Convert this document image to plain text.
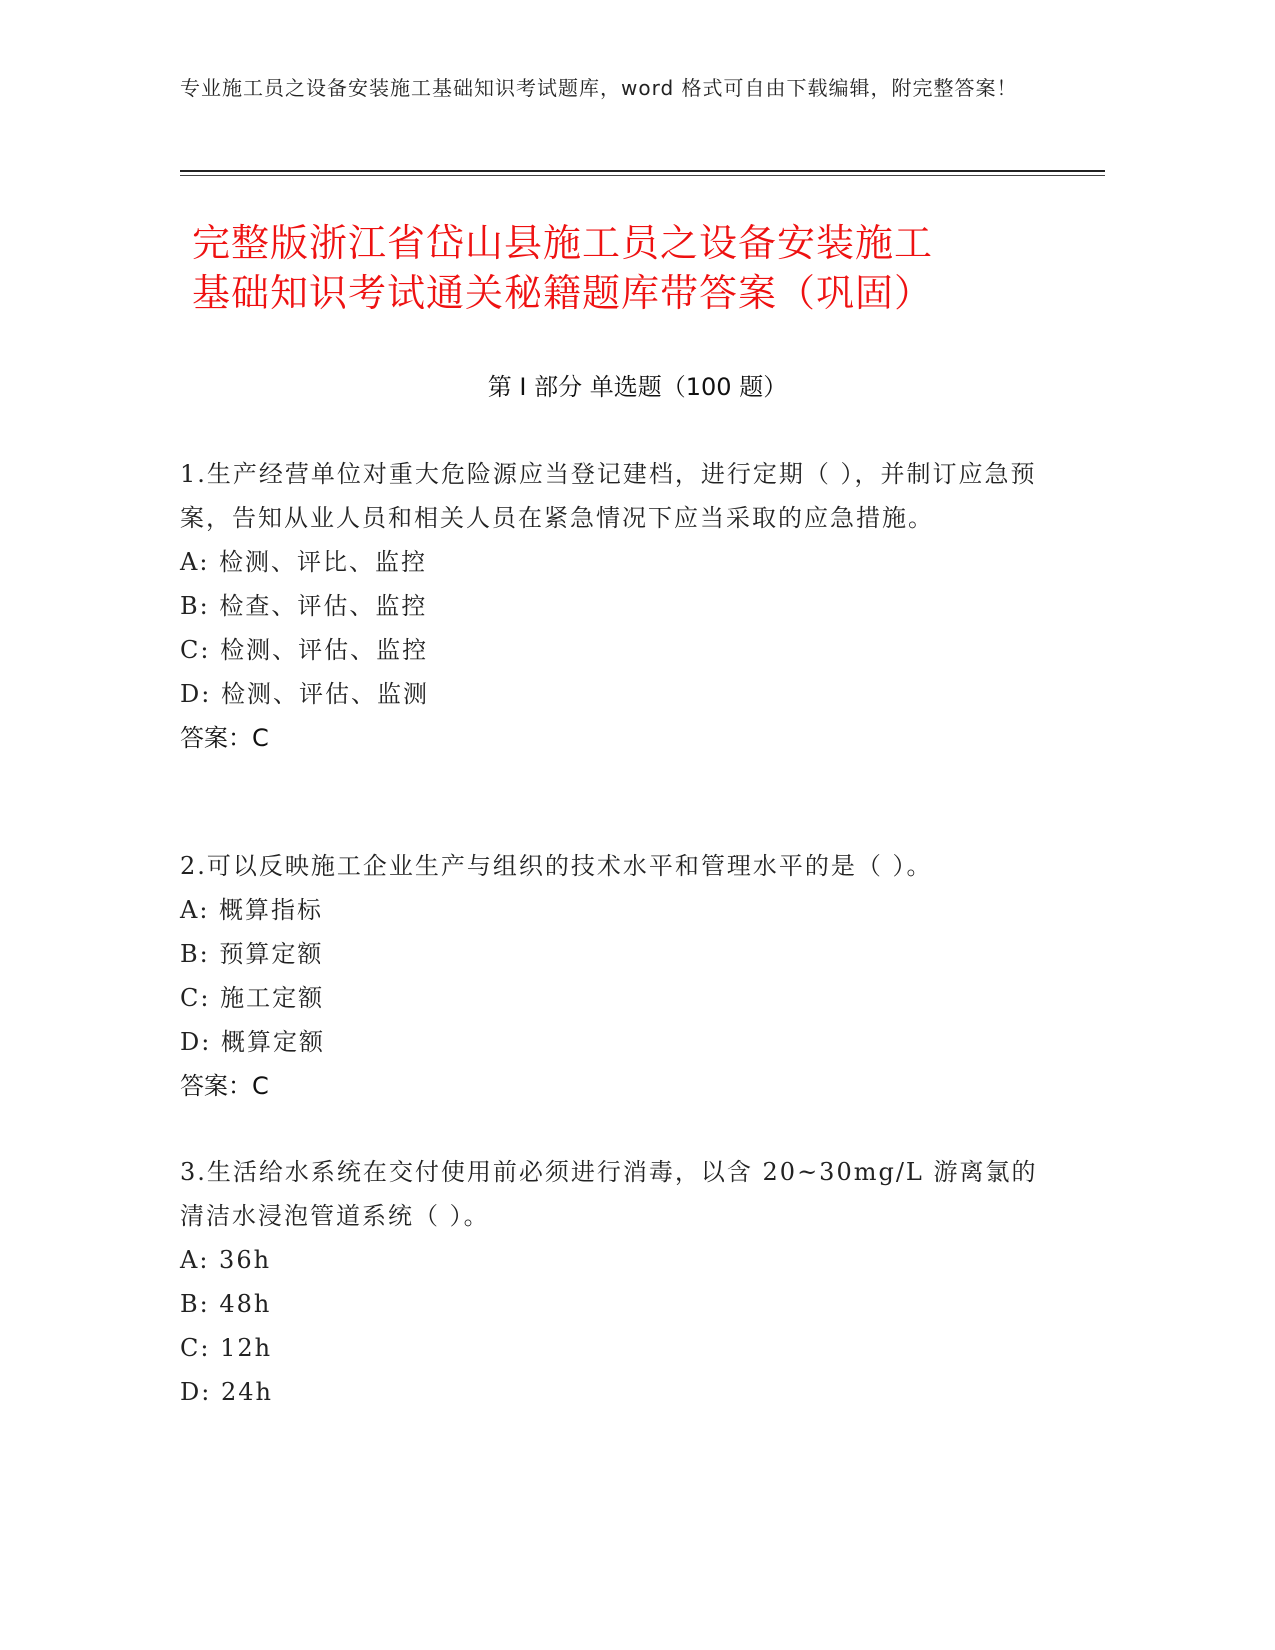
专业施工员之设备安装施工基础知识考试题库，word 格式可自由下载编辑，附完整答案！
完整版浙江省岱山县施工员之设备安装施工
基础知识考试通关秘籍题库带答案（巩固）
第 I 部分 单选题（100 题）
1.生产经营单位对重大危险源应当登记建档，进行定期（ ），并制订应急预案，告知从业人员和相关人员在紧急情况下应当采取的应急措施。
A: 检测、评比、监控
B: 检查、评估、监控
C: 检测、评估、监控
D: 检测、评估、监测
答案：C
2.可以反映施工企业生产与组织的技术水平和管理水平的是（ ）。
A: 概算指标
B: 预算定额
C: 施工定额
D: 概算定额
答案：C
3.生活给水系统在交付使用前必须进行消毒，以含 20~30mg/L 游离氯的清洁水浸泡管道系统（ ）。
A: 36h
B: 48h
C: 12h
D: 24h
